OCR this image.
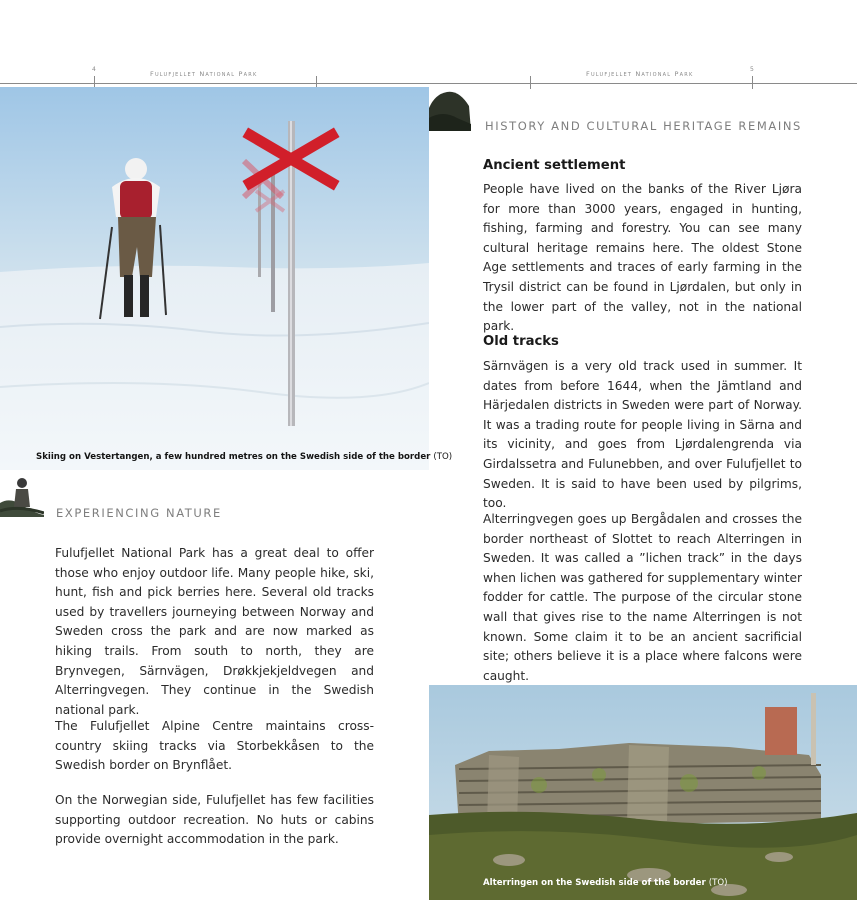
4
Fulufjellet National Park	Fulufjellet National Park
5
Skiing on Vestertangen, a few hundred metres on the Swedish side of the border (TO)
EXPERIENCING NATURE

Fulufjellet National Park has a great deal to offer those who enjoy outdoor life. Many people hike, ski, hunt, fish and pick berries here. Several old tracks used by travellers journeying between Norway and Sweden cross the park and are now marked as hiking trails. From south to north, they are Brynvegen, Särnvägen, Drøkkjekjeldvegen and Alterringvegen. They continue in the Swedish national park.

The Fulufjellet Alpine Centre maintains cross-country skiing tracks via Storbekkåsen to the Swedish border on Brynflået.

On the Norwegian side, Fulufjellet has few facilities supporting outdoor recreation. No huts or cabins provide overnight accommodation in the park.

HISTORY AND CULTURAL HERITAGE REMAINS
Ancient settlement

People have lived on the banks of the River Ljøra for more than 3000 years, engaged in hunting, fishing, farming and forestry. You can see many cultural heritage remains here. The oldest Stone Age settlements and traces of early farming in the Trysil district can be found in Ljørdalen, but only in the lower part of the valley, not in the national park.

Old tracks

Särnvägen is a very old track used in summer. It dates from before 1644, when the Jämtland and Härjedalen districts in Sweden were part of Norway. It was a trading route for people living in Särna and its vicinity, and goes from Ljørdalengrenda via Girdalssetra and Fulunebben, and over Fulufjellet to Sweden. It is said to have been used by pilgrims, too.

Alterringvegen goes up Bergådalen and crosses the border northeast of Slottet to reach Alterringen in Sweden. It was called a ”lichen track” in the days when lichen was gathered for supplementary winter fodder for cattle. The purpose of the circular stone wall that gives rise to the name Alterringen is not known. Some claim it to be an ancient sacrificial site; others believe it is a place where falcons were caught.

Alterringen on the Swedish side of the border (TO)
